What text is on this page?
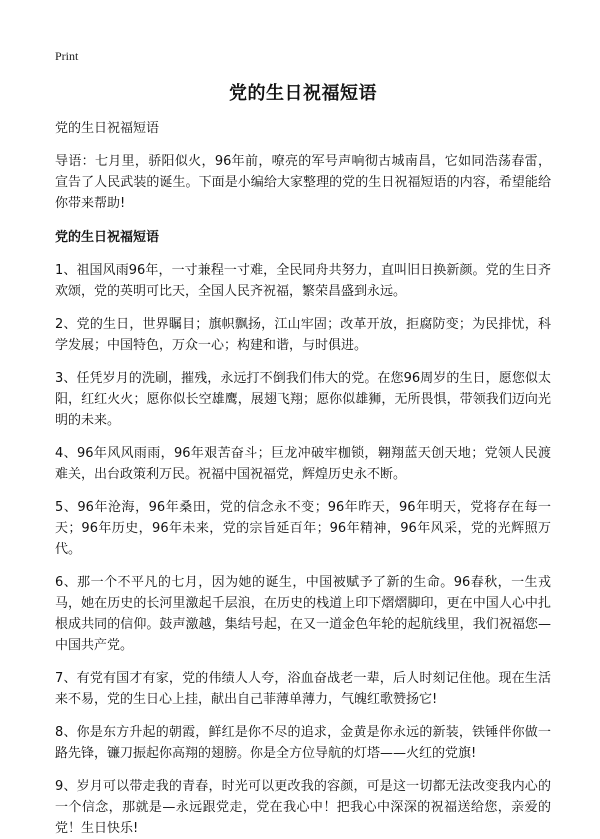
Print
党的生日祝福短语
党的生日祝福短语

导语：七月里，骄阳似火，96年前，嘹亮的军号声响彻古城南昌，它如同浩荡春雷，宣告了人民武装的诞生。下面是小编给大家整理的党的生日祝福短语的内容，希望能给你带来帮助!

党的生日祝福短语

1、祖国风雨96年，一寸兼程一寸难，全民同舟共努力，直叫旧日换新颜。党的生日齐欢颂，党的英明可比天，全国人民齐祝福，繁荣昌盛到永远。

2、党的生日，世界瞩目；旗帜飘扬，江山牢固；改革开放，拒腐防变；为民排忧，科学发展；中国特色，万众一心；构建和谐，与时俱进。

3、任凭岁月的洗刷，摧残，永远打不倒我们伟大的党。在您96周岁的生日，愿您似太阳，红红火火；愿你似长空雄鹰，展翅飞翔；愿你似雄狮，无所畏惧，带领我们迈向光明的未来。

4、96年风风雨雨，96年艰苦奋斗；巨龙冲破牢枷锁，翱翔蓝天创天地；党领人民渡难关，出台政策利万民。祝福中国祝福党，辉煌历史永不断。

5、96年沧海，96年桑田，党的信念永不变；96年昨天，96年明天，党将存在每一天；96年历史，96年未来，党的宗旨延百年；96年精神，96年风采，党的光辉照万代。

6、那一个不平凡的七月，因为她的诞生，中国被赋予了新的生命。96春秋，一生戎马，她在历史的长河里激起千层浪，在历史的栈道上印下熠熠脚印，更在中国人心中扎根成共同的信仰。鼓声激越，集结号起，在又一道金色年轮的起航线里，我们祝福您—中国共产党。

7、有党有国才有家，党的伟绩人人夸，浴血奋战老一辈，后人时刻记住他。现在生活来不易，党的生日心上挂，献出自己菲薄单薄力，气魄红歌赞扬它!

8、你是东方升起的朝霞，鲜红是你不尽的追求，金黄是你永远的新装，铁锤伴你做一路先锋，镰刀振起你高翔的翅膀。你是全方位导航的灯塔——火红的党旗!

9、岁月可以带走我的青春，时光可以更改我的容颜，可是这一切都无法改变我内心的一个信念，那就是—永远跟党走，党在我心中！把我心中深深的祝福送给您，亲爱的党！生日快乐!
